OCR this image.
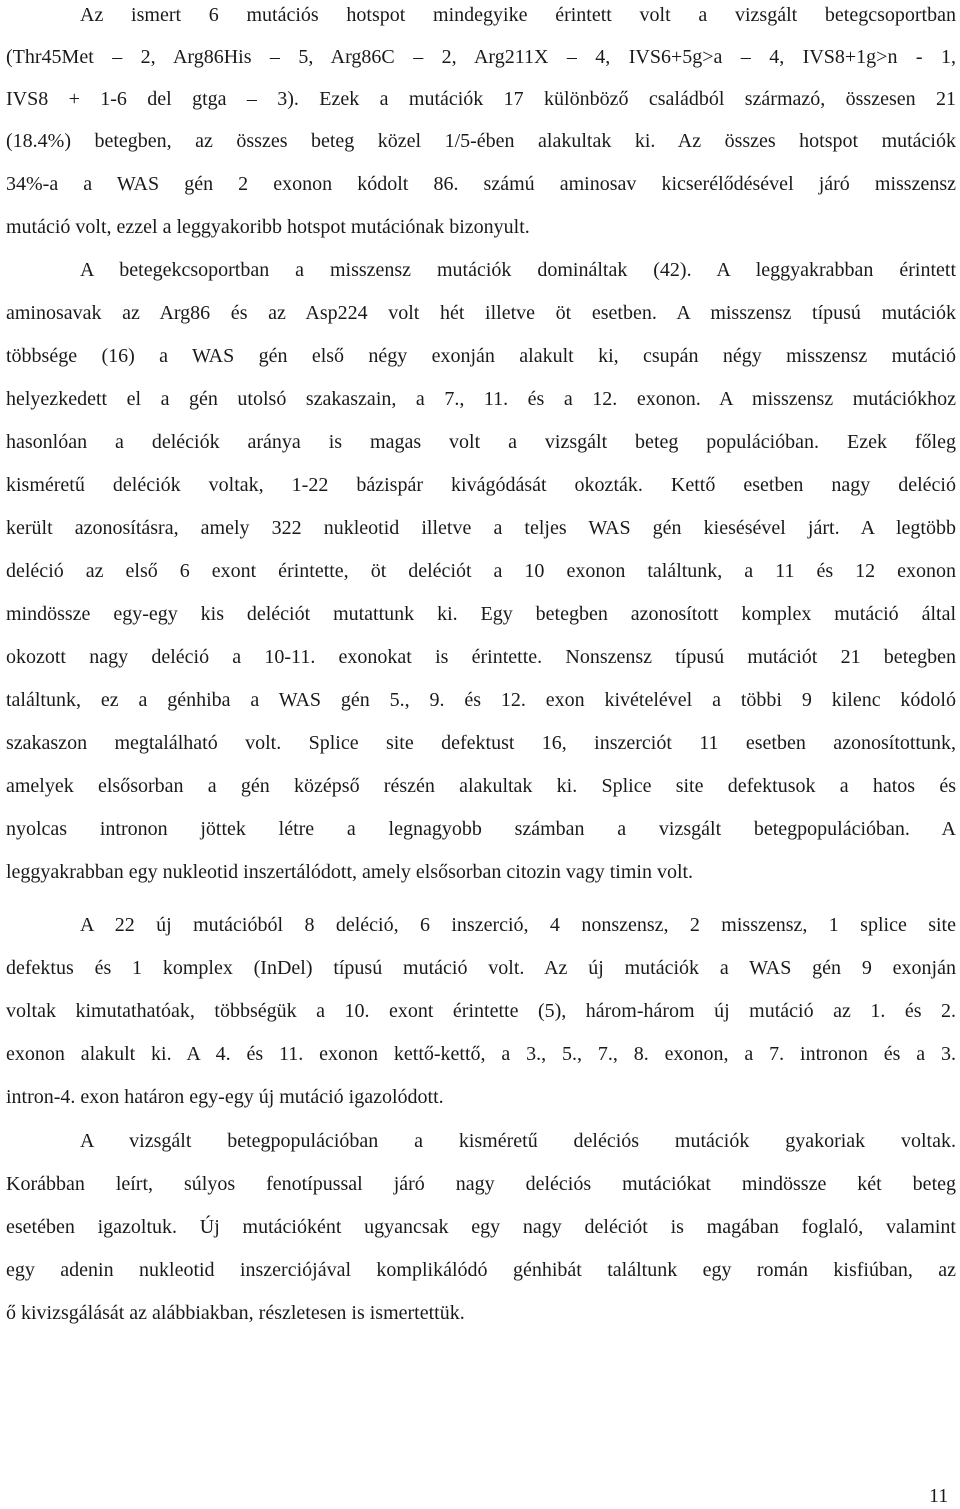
Az ismert 6 mutációs hotspot mindegyike érintett volt a vizsgált betegcsoportban
(Thr45Met – 2, Arg86His – 5, Arg86C – 2, Arg211X – 4, IVS6+5g>a – 4, IVS8+1g>n - 1,
IVS8 + 1-6 del gtga – 3). Ezek a mutációk 17 különböző családból származó, összesen 21
(18.4%) betegben, az összes beteg közel 1/5-ében alakultak ki. Az összes hotspot mutációk
34%-a a WAS gén 2 exonon kódolt 86. számú aminosav kicserélődésével járó misszensz
mutáció volt, ezzel a leggyakoribb hotspot mutációnak bizonyult.
A betegekcsoportban a misszensz mutációk domináltak (42). A leggyakrabban érintett
aminosavak az Arg86 és az Asp224 volt hét illetve öt esetben. A misszensz típusú mutációk
többsége (16) a WAS gén első négy exonján alakult ki, csupán négy misszensz mutáció
helyezkedett el a gén utolsó szakaszain, a 7., 11. és a 12. exonon. A misszensz mutációkhoz
hasonlóan a deléciók aránya is magas volt a vizsgált beteg populációban. Ezek főleg
kisméretű deléciók voltak, 1-22 bázispár kivágódását okozták. Kettő esetben nagy deléció
került azonosításra, amely 322 nukleotid illetve a teljes WAS gén kiesésével járt. A legtöbb
deléció az első 6 exont érintette, öt deléciót a 10 exonon találtunk, a 11 és 12 exonon
mindössze egy-egy kis deléciót mutattunk ki. Egy betegben azonosított komplex mutáció által
okozott nagy deléció a 10-11. exonokat is érintette. Nonszensz típusú mutációt 21 betegben
találtunk, ez a génhiba a WAS gén 5., 9. és 12. exon kivételével a többi 9 kilenc kódoló
szakaszon megtalálható volt. Splice site defektust 16, inszerciót 11 esetben azonosítottunk,
amelyek elsősorban a gén középső részén alakultak ki. Splice site defektusok a hatos és
nyolcas intronon jöttek létre a legnagyobb számban a vizsgált betegpopulációban. A
leggyakrabban egy nukleotid inszertálódott, amely elsősorban citozin vagy timin volt.
A 22 új mutációból 8 deléció, 6 inszerció, 4 nonszensz, 2 misszensz, 1 splice site
defektus és 1 komplex (InDel) típusú mutáció volt. Az új mutációk a WAS gén 9 exonján
voltak kimutathatóak, többségük a 10. exont érintette (5), három-három új mutáció az 1. és 2.
exonon alakult ki. A 4. és 11. exonon kettő-kettő, a 3., 5., 7., 8. exonon, a 7. intronon és a 3.
intron-4. exon határon egy-egy új mutáció igazolódott.
A vizsgált betegpopulációban a kisméretű deléciós mutációk gyakoriak voltak.
Korábban leírt, súlyos fenotípussal járó nagy deléciós mutációkat mindössze két beteg
esetében igazoltuk. Új mutációként ugyancsak egy nagy deléciót is magában foglaló, valamint
egy adenin nukleotid inszerciójával komplikálódó génhibát találtunk egy román kisfiúban, az
ő kivizsgálását az alábbiakban, részletesen is ismertettük.
11
